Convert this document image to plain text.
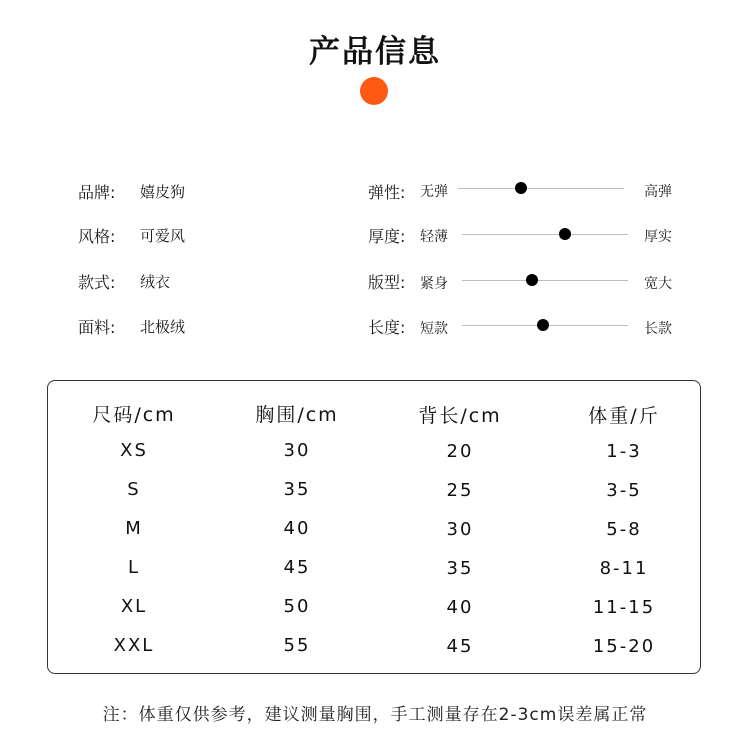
产品信息
品牌: 嬉皮狗
风格: 可爱风
款式: 绒衣
面料: 北极绒
弹性: 无弹	高弹
厚度: 轻薄	厚实
版型: 紧身	宽大
长度: 短款	长款
尺码/cm	胸围/cm	背长/cm	体重/斤
XS	30	20	1-3
S	35	25	3-5
M	40	30	5-8
L	45	35	8-11
XL	50	40	11-15
XXL	55	45	15-20
注：体重仅供参考，建议测量胸围，手工测量存在2-3cm误差属正常
